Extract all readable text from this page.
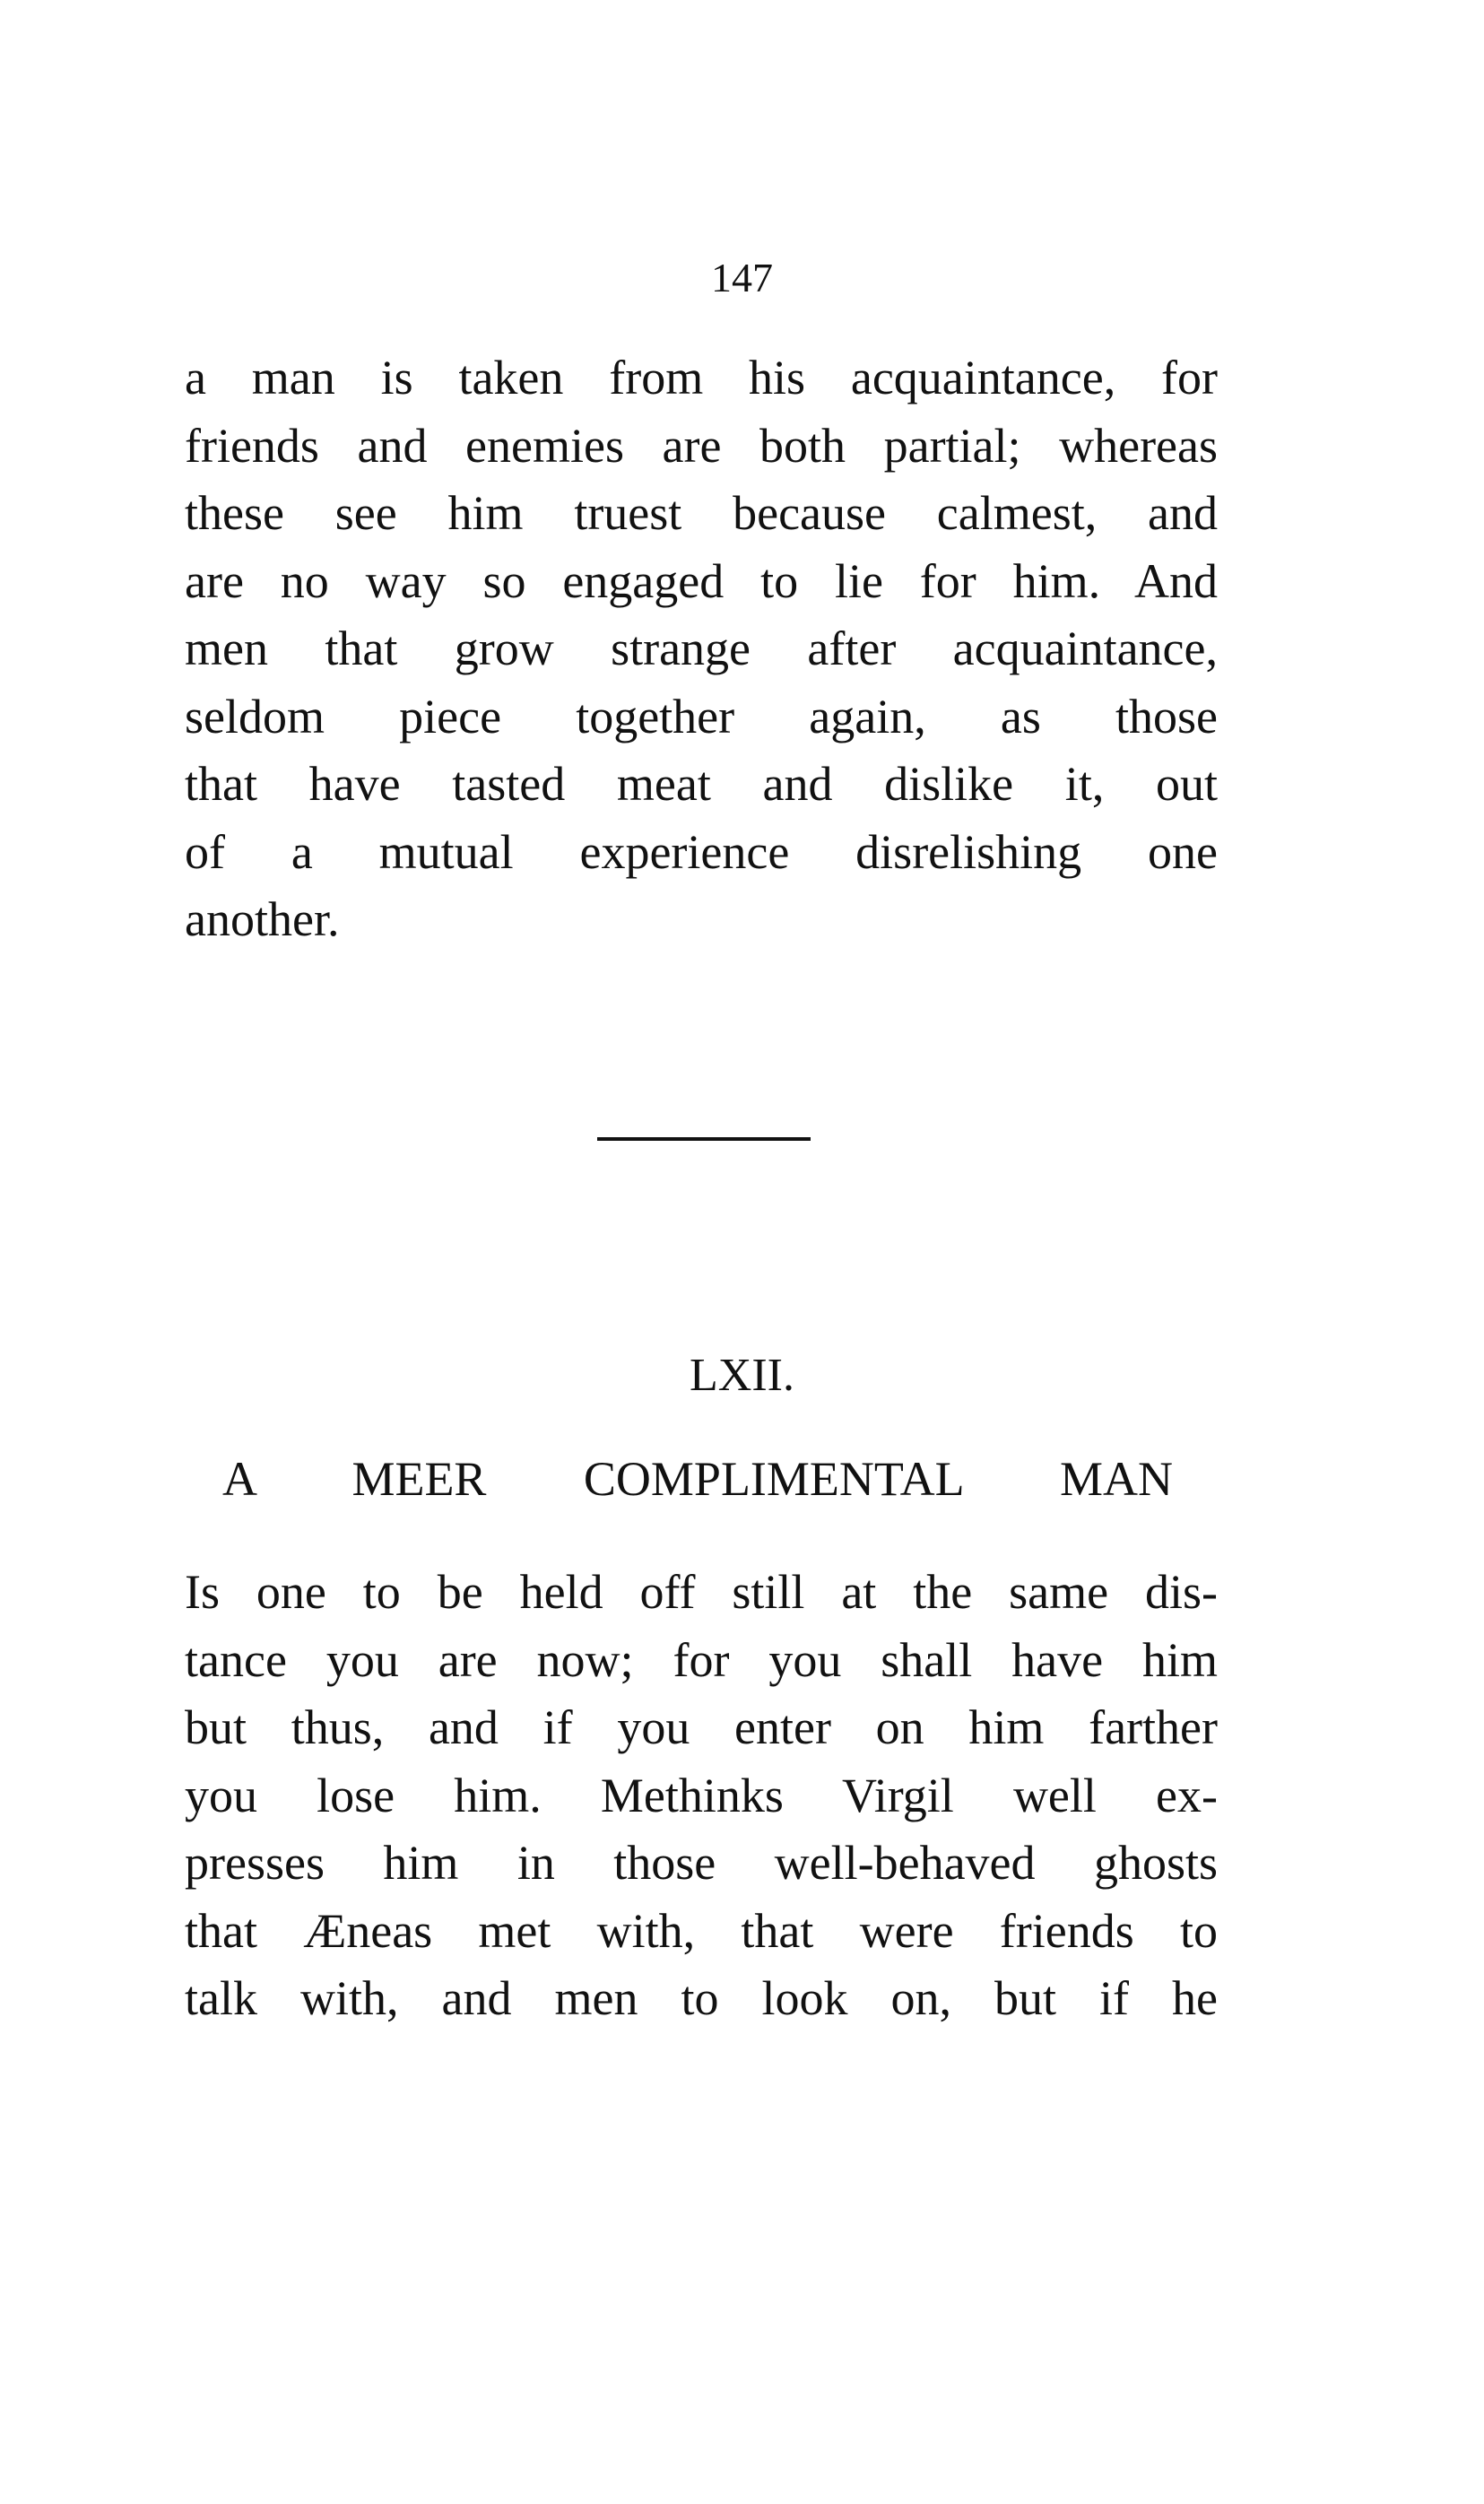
147
a man is taken from his acquaintance, for
friends and enemies are both partial; whereas
these see him truest because calmest, and
are no way so engaged to lie for him. And
men that grow strange after acquaintance,
seldom piece together again, as those
that have tasted meat and dislike it, out
of a mutual experience disrelishing one
another.
LXII.
A MEER COMPLIMENTAL MAN
Is one to be held off still at the same dis-
tance you are now; for you shall have him
but thus, and if you enter on him farther
you lose him. Methinks Virgil well ex-
presses him in those well-behaved ghosts
that Æneas met with, that were friends to
talk with, and men to look on, but if he
